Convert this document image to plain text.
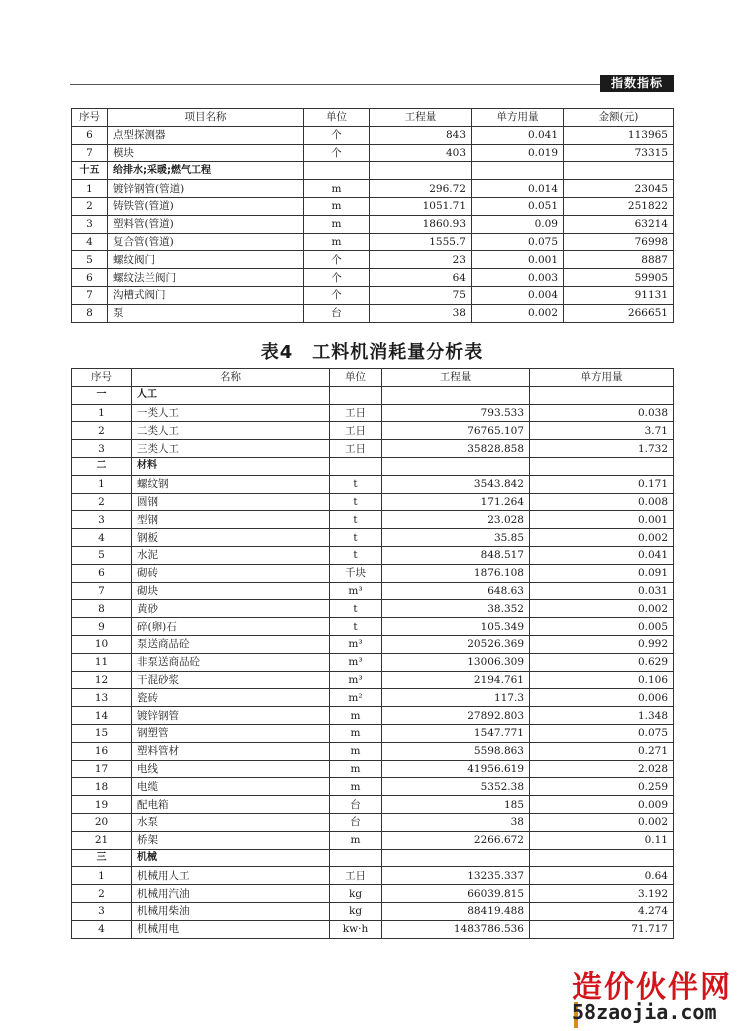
指数指标
序号	项目名称	单位	工程量	单方用量	金额(元)
6	点型探测器	个	843	0.041	113965
7	模块	个	403	0.019	73315
十五	给排水;采暖;燃气工程				
1	镀锌钢管(管道)	m	296.72	0.014	23045
2	铸铁管(管道)	m	1051.71	0.051	251822
3	塑料管(管道)	m	1860.93	0.09	63214
4	复合管(管道)	m	1555.7	0.075	76998
5	螺纹阀门	个	23	0.001	8887
6	螺纹法兰阀门	个	64	0.003	59905
7	沟槽式阀门	个	75	0.004	91131
8	泵	台	38	0.002	266651
表4　工料机消耗量分析表
序号	名称	单位	工程量	单方用量
一	人工			
1	一类人工	工日	793.533	0.038
2	二类人工	工日	76765.107	3.71
3	三类人工	工日	35828.858	1.732
二	材料			
1	螺纹钢	t	3543.842	0.171
2	圆钢	t	171.264	0.008
3	型钢	t	23.028	0.001
4	钢板	t	35.85	0.002
5	水泥	t	848.517	0.041
6	砌砖	千块	1876.108	0.091
7	砌块	m³	648.63	0.031
8	黄砂	t	38.352	0.002
9	碎(卵)石	t	105.349	0.005
10	泵送商品砼	m³	20526.369	0.992
11	非泵送商品砼	m³	13006.309	0.629
12	干混砂浆	m³	2194.761	0.106
13	瓷砖	m²	117.3	0.006
14	镀锌钢管	m	27892.803	1.348
15	钢塑管	m	1547.771	0.075
16	塑料管材	m	5598.863	0.271
17	电线	m	41956.619	2.028
18	电缆	m	5352.38	0.259
19	配电箱	台	185	0.009
20	水泵	台	38	0.002
21	桥架	m	2266.672	0.11
三	机械			
1	机械用人工	工日	13235.337	0.64
2	机械用汽油	kg	66039.815	3.192
3	机械用柴油	kg	88419.488	4.274
4	机械用电	kw·h	1483786.536	71.717
造价伙伴网
58zaojia.com
